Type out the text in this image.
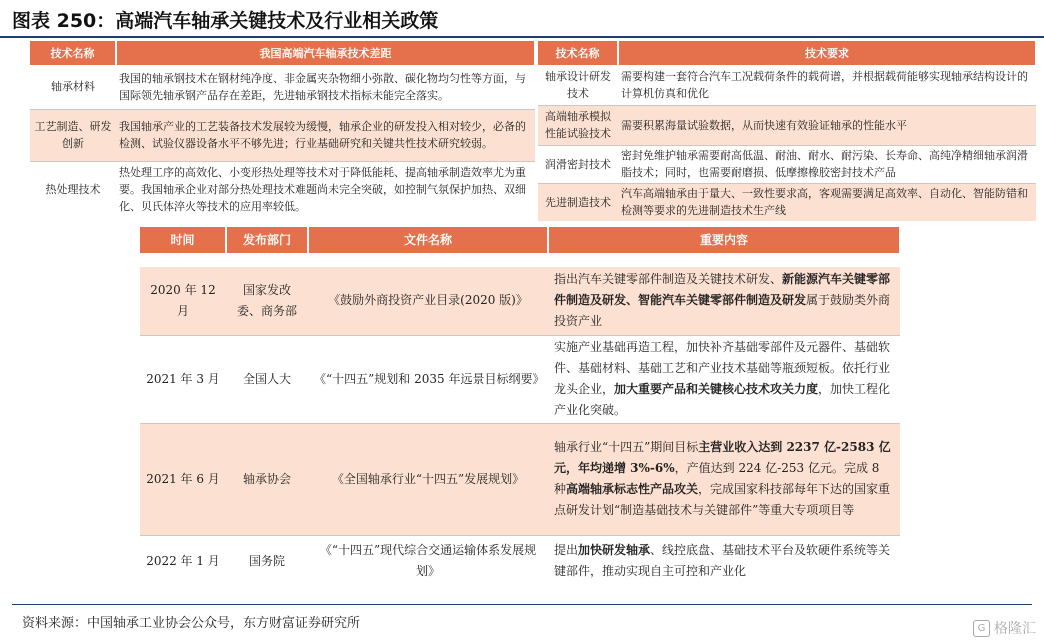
图表 250：高端汽车轴承关键技术及行业相关政策
技术名称	我国高端汽车轴承技术差距
轴承材料	我国的轴承钢技术在钢材纯净度、非金属夹杂物细小弥散、碳化物均匀性等方面，与国际领先轴承钢产品存在差距，先进轴承钢技术指标未能完全落实。
工艺制造、研发创新	我国轴承产业的工艺装备技术发展较为缓慢，轴承企业的研发投入相对较少，必备的检测、试验仪器设备水平不够先进；行业基础研究和关键共性技术研究较弱。
热处理技术	热处理工序的高效化、小变形热处理等技术对于降低能耗、提高轴承制造效率尤为重要。我国轴承企业对部分热处理技术难题尚未完全突破，如控制气氛保护加热、双细化、贝氏体淬火等技术的应用率较低。
技术名称	技术要求
轴承设计研发技术	需要构建一套符合汽车工况载荷条件的载荷谱，并根据载荷能够实现轴承结构设计的计算机仿真和优化
高端轴承模拟性能试验技术	需要积累海量试验数据，从而快速有效验证轴承的性能水平
润滑密封技术	密封免维护轴承需要耐高低温、耐油、耐水、耐污染、长寿命、高纯净精细轴承润滑脂技术；同时，也需要耐磨损、低摩擦橡胶密封技术产品
先进制造技术	汽车高端轴承由于量大、一致性要求高，客观需要满足高效率、自动化、智能防错和检测等要求的先进制造技术生产线
时间	发布部门	文件名称	重要内容

2020 年 12 月	国家发改委、商务部	《鼓励外商投资产业目录(2020 版)》	指出汽车关键零部件制造及关键技术研发、新能源汽车关键零部件制造及研发、智能汽车关键零部件制造及研发属于鼓励类外商投资产业
2021 年 3 月	全国人大	《“十四五”规划和 2035 年远景目标纲要》	实施产业基础再造工程，加快补齐基础零部件及元器件、基础软件、基础材料、基础工艺和产业技术基础等瓶颈短板。依托行业龙头企业，加大重要产品和关键核心技术攻关力度，加快工程化产业化突破。
2021 年 6 月	轴承协会	《全国轴承行业“十四五”发展规划》	轴承行业“十四五”期间目标主营业收入达到 2237 亿-2583 亿元，年均递增 3%-6%，产值达到 224 亿-253 亿元。完成 8 种高端轴承标志性产品攻关，完成国家科技部每年下达的国家重点研发计划“制造基础技术与关键部件”等重大专项项目等
2022 年 1 月	国务院	《“十四五”现代综合交通运输体系发展规划》	提出加快研发轴承、线控底盘、基础技术平台及软硬件系统等关键部件，推动实现自主可控和产业化
资料来源：中国轴承工业协会公众号，东方财富证券研究所	G 格隆汇
